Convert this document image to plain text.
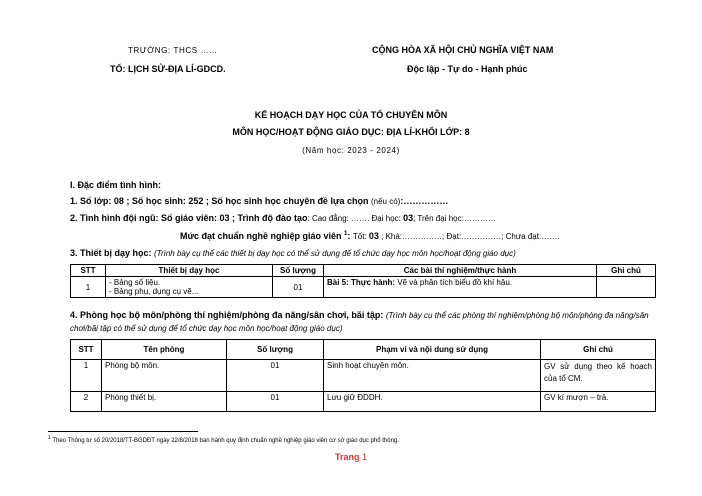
TRƯỜNG: THCS ……
TỔ: LỊCH SỬ-ĐỊA LÍ-GDCD.
CỘNG HÒA XÃ HỘI CHỦ NGHĨA VIỆT NAM
Độc lập - Tự do - Hạnh phúc
KẾ HOẠCH DẠY HỌC CỦA TỔ CHUYÊN MÔN
MÔN HỌC/HOẠT ĐỘNG GIÁO DỤC: ĐỊA LÍ-KHỐI LỚP: 8
(Năm học: 2023 - 2024)
I. Đặc điểm tình hình:
1. Số lớp: 08 ; Số học sinh: 252 ; Số học sinh học chuyên đề lựa chọn (nếu có):……………
2. Tình hình đội ngũ: Số giáo viên: 03 ; Trình độ đào tạo: Cao đẳng: ……. Đại học: 03; Trên đại học:…………
Mức đạt chuẩn nghề nghiệp giáo viên $^1$: Tốt: 03 ; Khá:……………; Đạt:……………; Chưa đạt:…….
3. Thiết bị dạy học: (Trình bày cụ thể các thiết bị dạy học có thể sử dụng để tổ chức dạy học môn học/hoạt động giáo dục)
STT	Thiết bị dạy học	Số lượng	Các bài thí nghiệm/thực hành	Ghi chú
1	- Bảng số liệu.
- Bảng phụ, dụng cụ vẽ...	01	Bài 5: Thực hành: Vẽ và phân tích biểu đồ khí hậu.	
4. Phòng học bộ môn/phòng thí nghiệm/phòng đa năng/sân chơi, bãi tập: (Trình bày cụ thể các phòng thí nghiệm/phòng bộ môn/phòng đa năng/sân chơi/bãi tập có thể sử dụng để tổ chức dạy học môn học/hoạt động giáo dục)
STT	Tên phòng	Số lượng	Phạm vi và nội dung sử dụng	Ghi chú
1	Phòng bộ môn.	01	Sinh hoạt chuyên môn.	GV sử dụng theo kế hoạch của tổ CM.
2	Phòng thiết bị.	01	Lưu giữ ĐDDH.	GV kí mượn – trả.
$^1$ Theo Thông tư số 20/2018/TT-BGDĐT ngày 22/8/2018 ban hành quy định chuẩn nghề nghiệp giáo viên cơ sở giáo dục phổ thông.
Trang 1
